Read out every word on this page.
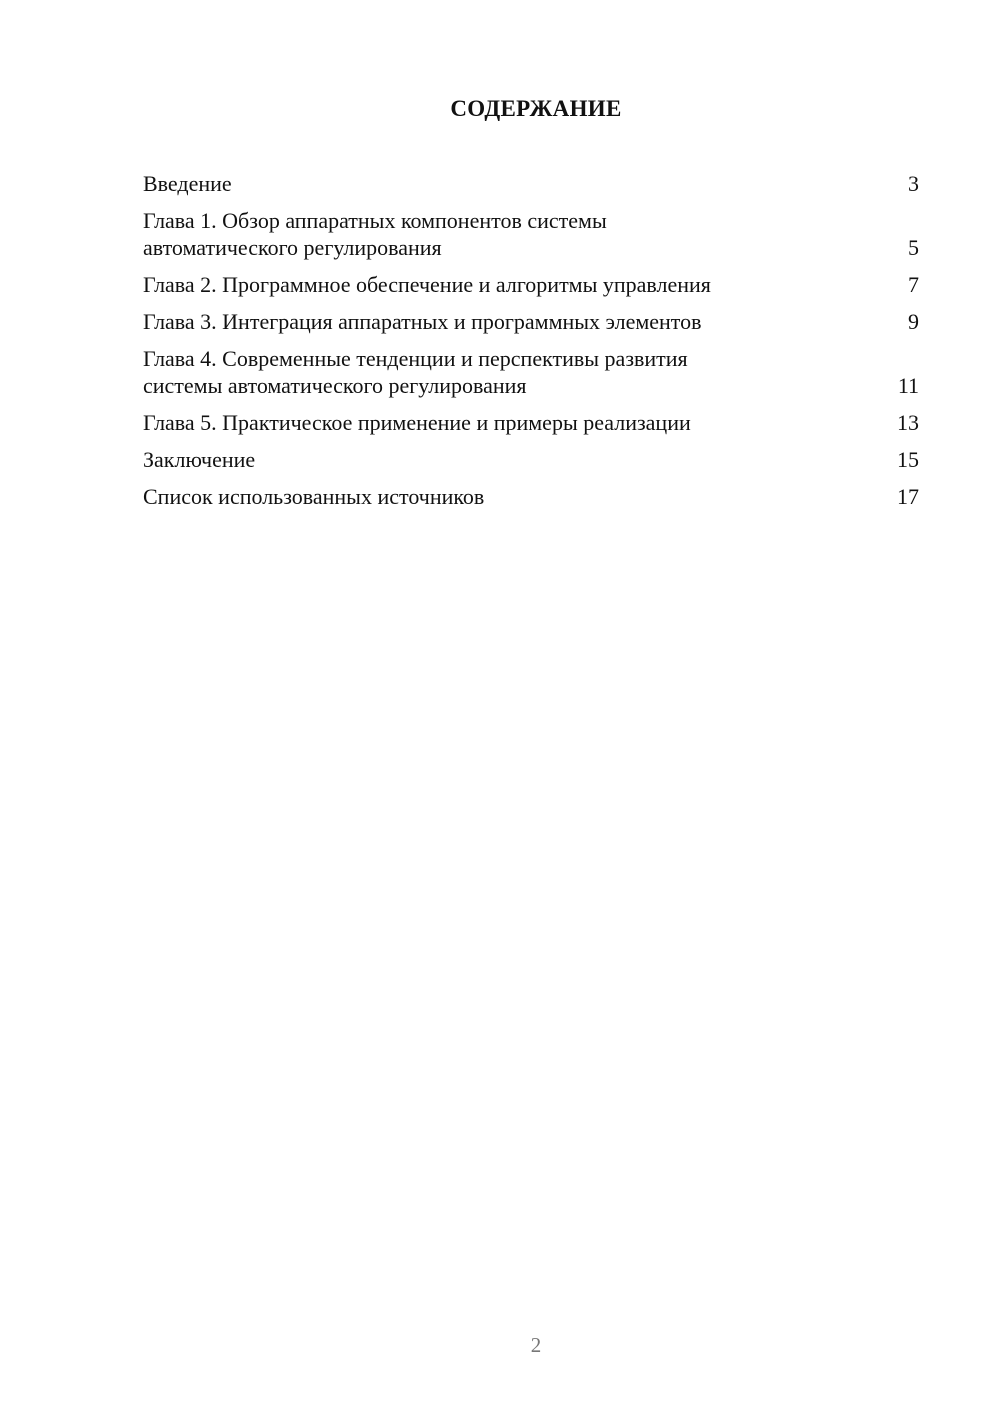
СОДЕРЖАНИЕ
Введение	3
Глава 1. Обзор аппаратных компонентов системы
автоматического регулирования	5
Глава 2. Программное обеспечение и алгоритмы управления	7
Глава 3. Интеграция аппаратных и программных элементов	9
Глава 4. Современные тенденции и перспективы развития
системы автоматического регулирования	11
Глава 5. Практическое применение и примеры реализации	13
Заключение	15
Список использованных источников	17
2
